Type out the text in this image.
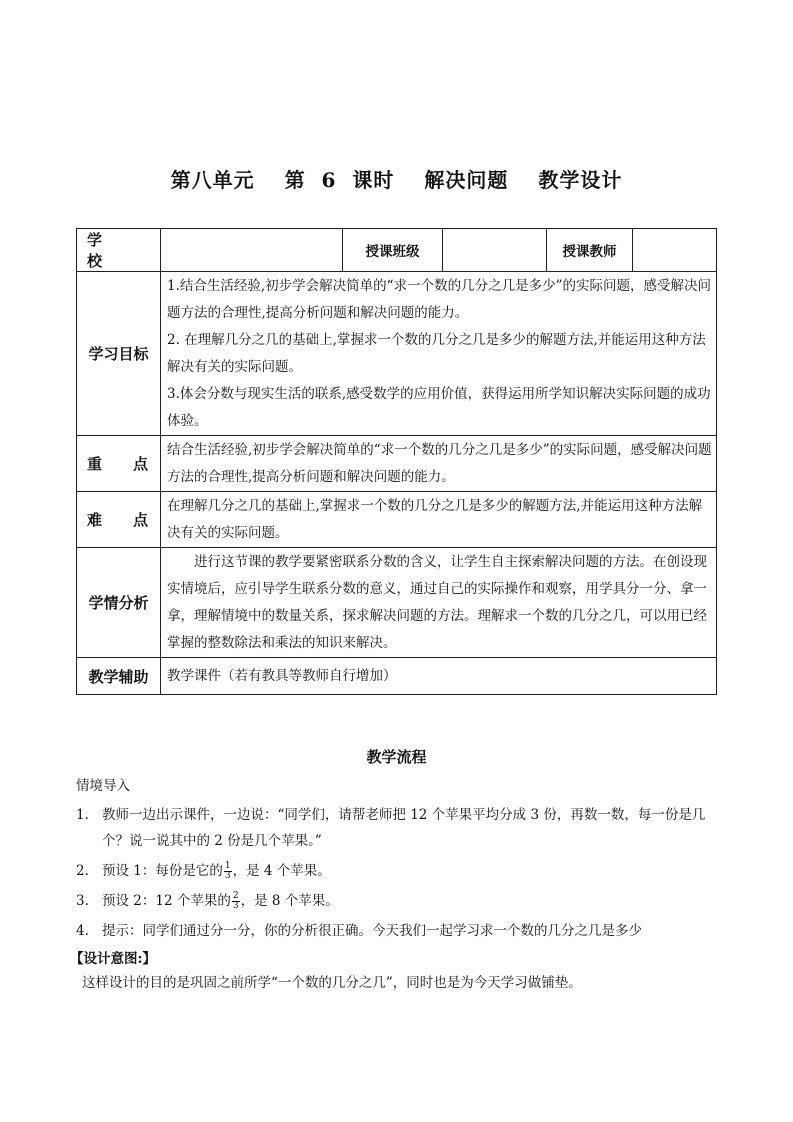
第八单元 第 6 课时 解决问题 教学设计
学　　校		授课班级		授课教师	
学习目标	1.结合生活经验,初步学会解决简单的“求一个数的几分之几是多少”的实际问题，感受解决问题方法的合理性,提高分析问题和解决问题的能力。

2. 在理解几分之几的基础上,掌握求一个数的几分之几是多少的解题方法,并能运用这种方法解决有关的实际问题。

3.体会分数与现实生活的联系,感受数学的应用价值，获得运用所学知识解决实际问题的成功体验。				

重　　点	结合生活经验,初步学会解决简单的“求一个数的几分之几是多少”的实际问题，感受解决问题方法的合理性,提高分析问题和解决问题的能力。				
难　　点	在理解几分之几的基础上,掌握求一个数的几分之几是多少的解题方法,并能运用这种方法解决有关的实际问题。				
学情分析	进行这节课的教学要紧密联系分数的含义，让学生自主探索解决问题的方法。在创设现实情境后，应引导学生联系分数的意义，通过自己的实际操作和观察，用学具分一分、拿一拿，理解情境中的数量关系，探求解决问题的方法。理解求一个数的几分之几，可以用已经掌握的整数除法和乘法的知识来解决。				
教学辅助	教学课件（若有教具等教师自行增加）				
教学流程
情境导入
1. 教师一边出示课件，一边说：“同学们，请帮老师把 12 个苹果平均分成 3 份，再数一数，每一份是几个？说一说其中的 2 份是几个苹果。”
2. 预设 1：每份是它的 $\frac{1}{3}$ ，是 4 个苹果。
3. 预设 2：12 个苹果的 $\frac{2}{3}$ ，是 8 个苹果。
4. 提示：同学们通过分一分，你的分析很正确。今天我们一起学习求一个数的几分之几是多少
【设计意图:】
这样设计的目的是巩固之前所学“一个数的几分之几”，同时也是为今天学习做铺垫。
